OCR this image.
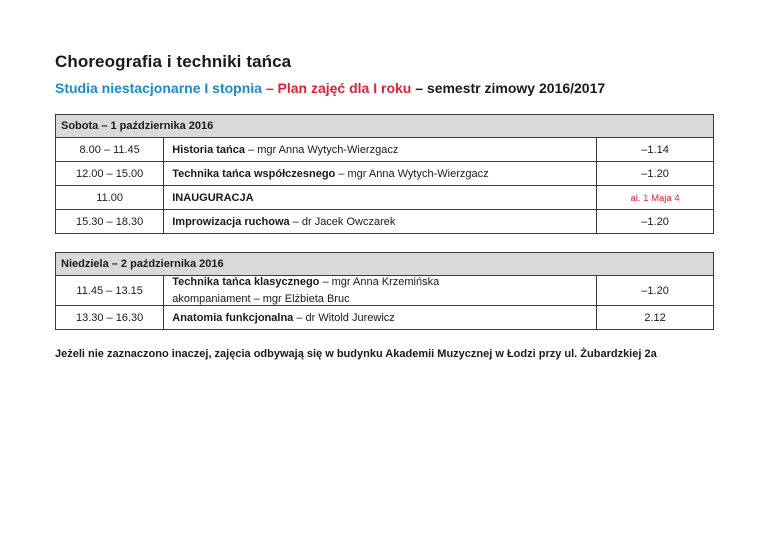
Choreografia i techniki tańca
Studia niestacjonarne I stopnia – Plan zajęć dla I roku – semestr zimowy 2016/2017
Sobota – 1 października 2016		
8.00 – 11.45	Historia tańca – mgr Anna Wytych-Wierzgacz	–1.14
12.00 – 15.00	Technika tańca współczesnego – mgr Anna Wytych-Wierzgacz	–1.20
11.00	INAUGURACJA	al. 1 Maja 4
15.30 – 18.30	Improwizacja ruchowa – dr Jacek Owczarek	–1.20
Niedziela – 2 października 2016		
11.45 – 13.15	Technika tańca klasycznego – mgr Anna Krzemińska
akompaniament – mgr Elżbieta Bruc	–1.20
13.30 – 16.30	Anatomia funkcjonalna – dr Witold Jurewicz	2.12
Jeżeli nie zaznaczono inaczej, zajęcia odbywają się w budynku Akademii Muzycznej w Łodzi przy ul. Żubardzkiej 2a
